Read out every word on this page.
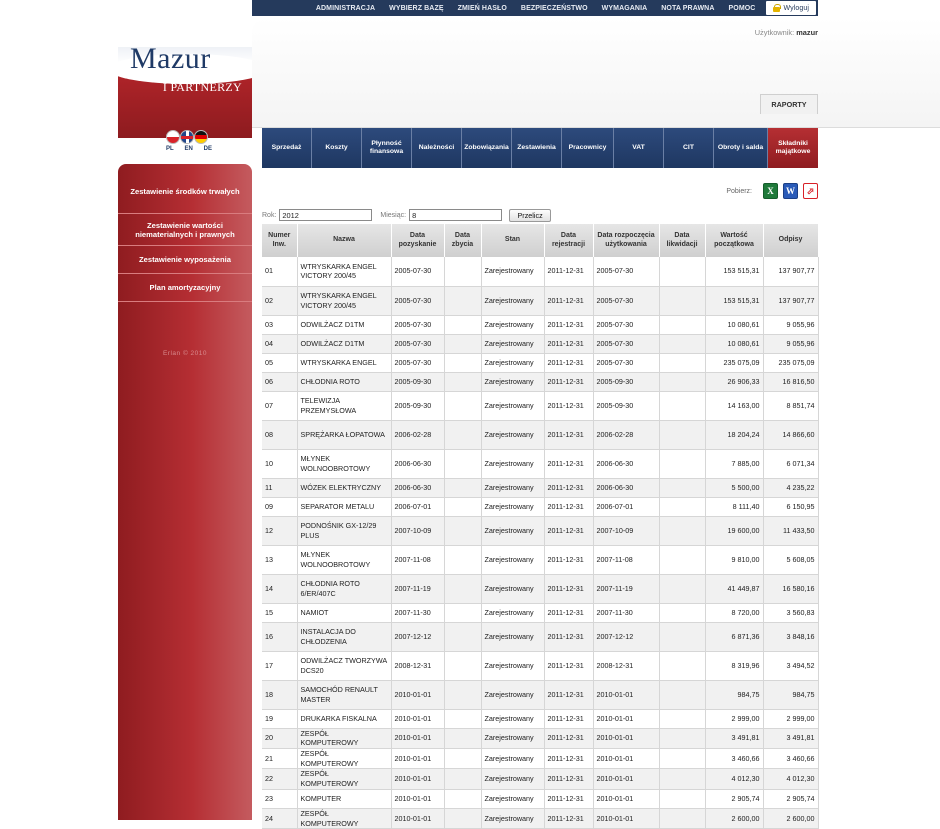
ADMINISTRACJA	WYBIERZ BAZĘ	ZMIEŃ HASŁO	BEZPIECZEŃSTWO	WYMAGANIA	NOTA PRAWNA	POMOC	Wyloguj
Mazur
I PARTNERZY
PL EN DE
Zestawienie środków trwałych
Zestawienie wartości niematerialnych i prawnych
Zestawienie wyposażenia
Plan amortyzacyjny
Erlan © 2010
Użytkownik: mazur
RAPORTY
Sprzedaż	Koszty
Płynność finansowa
Należności	Zobowiązania	Zestawienia	Pracownicy	VAT	CIT	Obroty i salda
Składniki majątkowe
Pobierz:	X	W	⬀
Rok:
2012	Miesiąc:
8	Przelicz
Numer Inw.	Nazwa	Data pozyskanie	Data zbycia	Stan	Data rejestracji	Data rozpoczęcia użytkowania	Data likwidacji	Wartość początkowa	Odpisy
01	WTRYSKARKA ENGEL VICTORY 200/45	2005-07-30		Zarejestrowany	2011-12-31	2005-07-30		153 515,31	137 907,77
02	WTRYSKARKA ENGEL VICTORY 200/45	2005-07-30		Zarejestrowany	2011-12-31	2005-07-30		153 515,31	137 907,77
03	ODWILŻACZ D1TM	2005-07-30		Zarejestrowany	2011-12-31	2005-07-30		10 080,61	9 055,96
04	ODWILŻACZ D1TM	2005-07-30		Zarejestrowany	2011-12-31	2005-07-30		10 080,61	9 055,96
05	WTRYSKARKA ENGEL	2005-07-30		Zarejestrowany	2011-12-31	2005-07-30		235 075,09	235 075,09
06	CHŁODNIA ROTO	2005-09-30		Zarejestrowany	2011-12-31	2005-09-30		26 906,33	16 816,50
07	TELEWIZJA PRZEMYSŁOWA	2005-09-30		Zarejestrowany	2011-12-31	2005-09-30		14 163,00	8 851,74
08	SPRĘŻARKA ŁOPATOWA	2006-02-28		Zarejestrowany	2011-12-31	2006-02-28		18 204,24	14 866,60
10	MŁYNEK WOLNOOBROTOWY	2006-06-30		Zarejestrowany	2011-12-31	2006-06-30		7 885,00	6 071,34
11	WÓZEK ELEKTRYCZNY	2006-06-30		Zarejestrowany	2011-12-31	2006-06-30		5 500,00	4 235,22
09	SEPARATOR METALU	2006-07-01		Zarejestrowany	2011-12-31	2006-07-01		8 111,40	6 150,95
12	PODNOŚNIK GX-12/29 PLUS	2007-10-09		Zarejestrowany	2011-12-31	2007-10-09		19 600,00	11 433,50
13	MŁYNEK WOLNOOBROTOWY	2007-11-08		Zarejestrowany	2011-12-31	2007-11-08		9 810,00	5 608,05
14	CHŁODNIA ROTO 6/ER/407C	2007-11-19		Zarejestrowany	2011-12-31	2007-11-19		41 449,87	16 580,16
15	NAMIOT	2007-11-30		Zarejestrowany	2011-12-31	2007-11-30		8 720,00	3 560,83
16	INSTALACJA DO CHŁODZENIA	2007-12-12		Zarejestrowany	2011-12-31	2007-12-12		6 871,36	3 848,16
17	ODWILŻACZ TWORZYWA DCS20	2008-12-31		Zarejestrowany	2011-12-31	2008-12-31		8 319,96	3 494,52
18	SAMOCHÓD RENAULT MASTER	2010-01-01		Zarejestrowany	2011-12-31	2010-01-01		984,75	984,75
19	DRUKARKA FISKALNA	2010-01-01		Zarejestrowany	2011-12-31	2010-01-01		2 999,00	2 999,00
20	ZESPÓŁ KOMPUTEROWY	2010-01-01		Zarejestrowany	2011-12-31	2010-01-01		3 491,81	3 491,81
21	ZESPÓŁ KOMPUTEROWY	2010-01-01		Zarejestrowany	2011-12-31	2010-01-01		3 460,66	3 460,66
22	ZESPÓŁ KOMPUTEROWY	2010-01-01		Zarejestrowany	2011-12-31	2010-01-01		4 012,30	4 012,30
23	KOMPUTER	2010-01-01		Zarejestrowany	2011-12-31	2010-01-01		2 905,74	2 905,74
24	ZESPÓŁ KOMPUTEROWY	2010-01-01		Zarejestrowany	2011-12-31	2010-01-01		2 600,00	2 600,00
